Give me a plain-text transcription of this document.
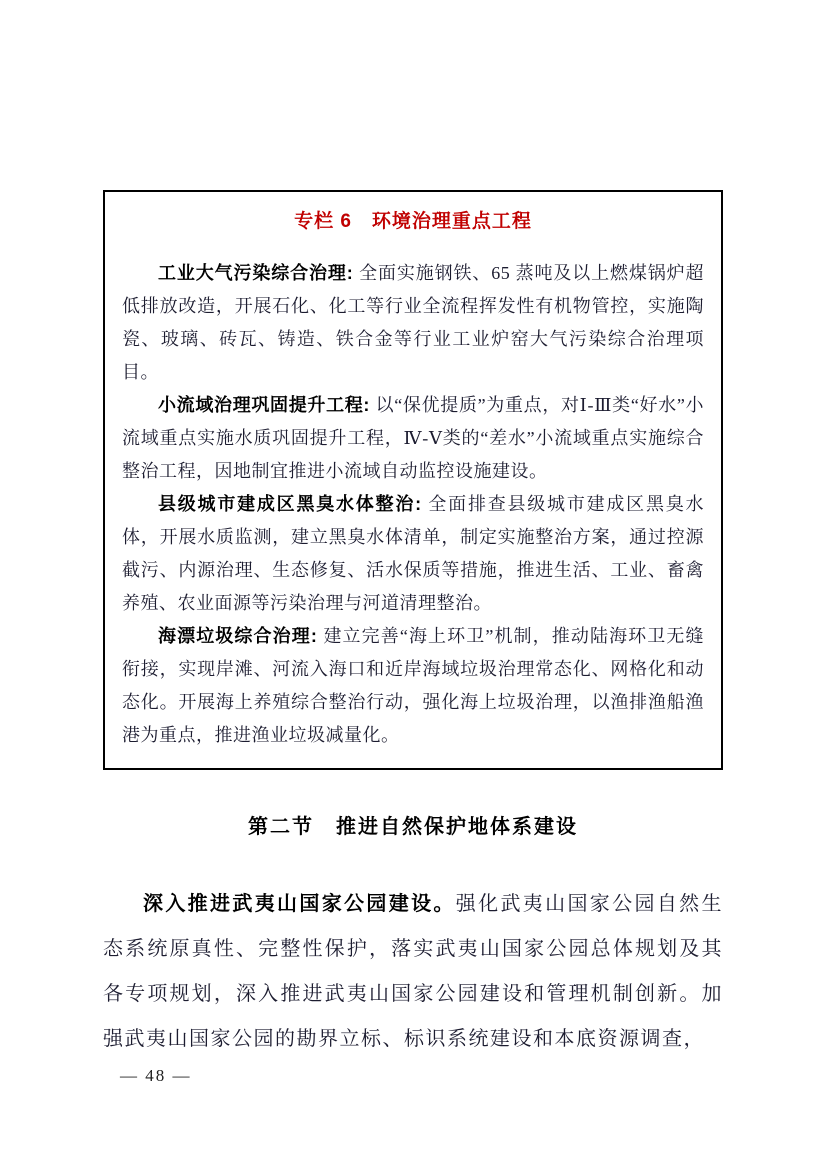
专栏 6　环境治理重点工程

工业大气污染综合治理: 全面实施钢铁、65 蒸吨及以上燃煤锅炉超低排放改造，开展石化、化工等行业全流程挥发性有机物管控，实施陶瓷、玻璃、砖瓦、铸造、铁合金等行业工业炉窑大气污染综合治理项目。

小流域治理巩固提升工程: 以“保优提质”为重点，对Ⅰ-Ⅲ类“好水”小流域重点实施水质巩固提升工程，Ⅳ-Ⅴ类的“差水”小流域重点实施综合整治工程，因地制宜推进小流域自动监控设施建设。

县级城市建成区黑臭水体整治: 全面排查县级城市建成区黑臭水体，开展水质监测，建立黑臭水体清单，制定实施整治方案，通过控源截污、内源治理、生态修复、活水保质等措施，推进生活、工业、畜禽养殖、农业面源等污染治理与河道清理整治。

海漂垃圾综合治理: 建立完善“海上环卫”机制，推动陆海环卫无缝衔接，实现岸滩、河流入海口和近岸海域垃圾治理常态化、网格化和动态化。开展海上养殖综合整治行动，强化海上垃圾治理，以渔排渔船渔港为重点，推进渔业垃圾减量化。

第二节　推进自然保护地体系建设

深入推进武夷山国家公园建设。强化武夷山国家公园自然生态系统原真性、完整性保护，落实武夷山国家公园总体规划及其各专项规划，深入推进武夷山国家公园建设和管理机制创新。加强武夷山国家公园的勘界立标、标识系统建设和本底资源调查，

— 48 —
